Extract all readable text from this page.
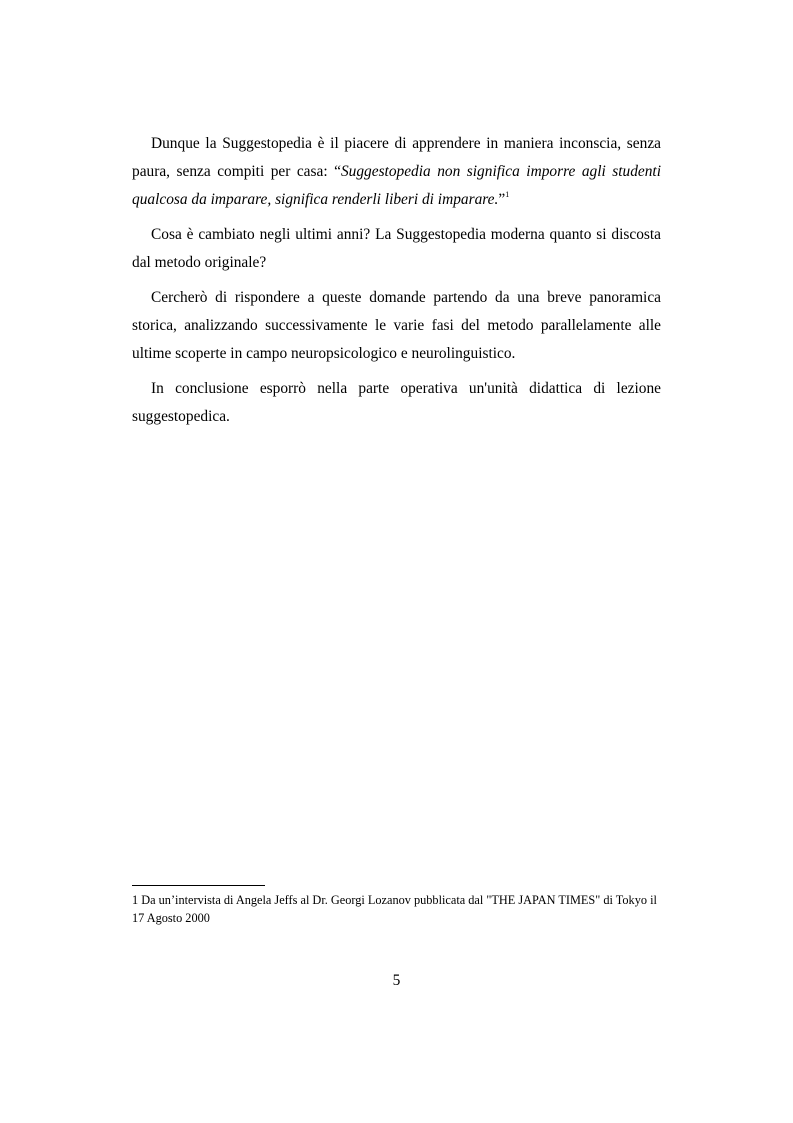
Dunque la Suggestopedia è il piacere di apprendere in maniera inconscia, senza paura, senza compiti per casa: “Suggestopedia non significa imporre agli studenti qualcosa da imparare, significa renderli liberi di imparare.”$^1$

Cosa è cambiato negli ultimi anni? La Suggestopedia moderna quanto si discosta dal metodo originale?

Cercherò di rispondere a queste domande partendo da una breve panoramica storica, analizzando successivamente le varie fasi del metodo parallelamente alle ultime scoperte in campo neuropsicologico e neurolinguistico.

In conclusione esporrò nella parte operativa un'unità didattica di lezione suggestopedica.

1 Da un’intervista di Angela Jeffs al Dr. Georgi Lozanov pubblicata dal "THE JAPAN TIMES" di Tokyo il 17 Agosto 2000

5
